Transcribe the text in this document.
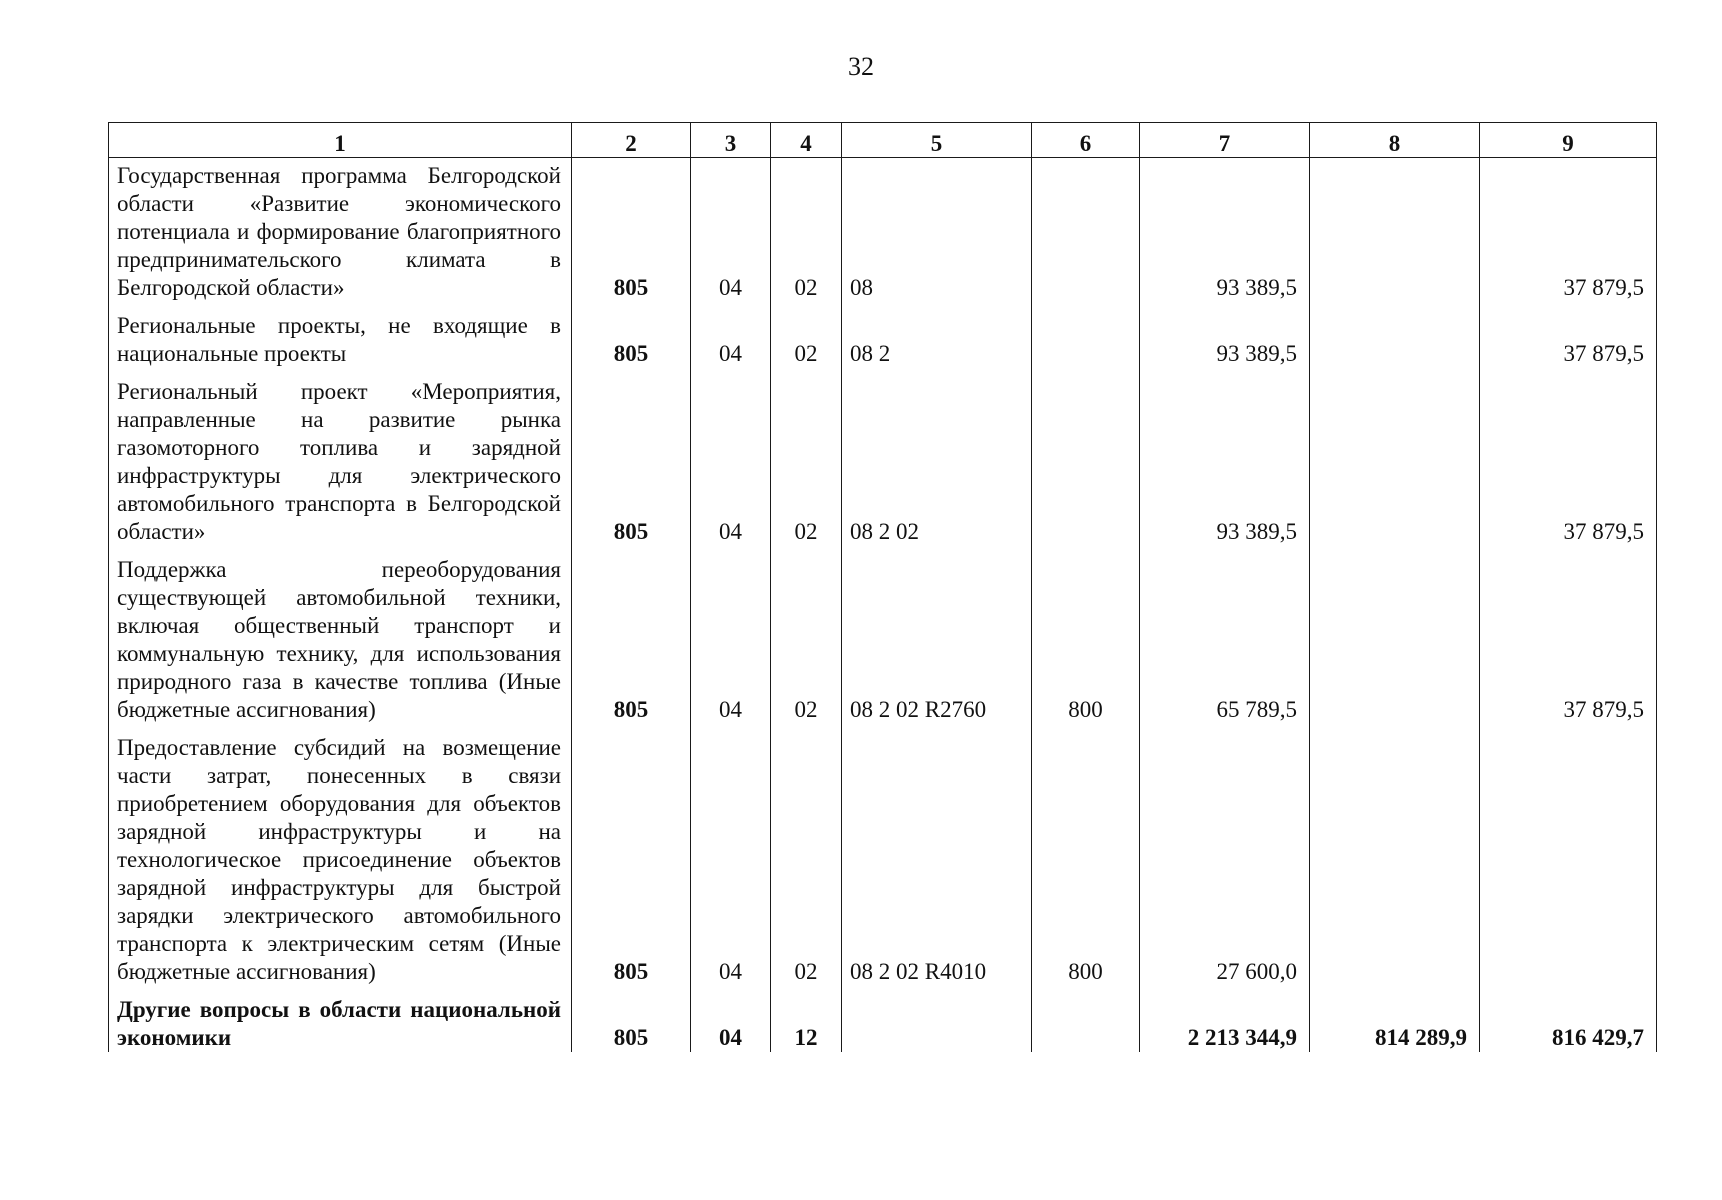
32
1	2	3	4	5	6	7	8	9
Государственная программа Белгородской области «Развитие экономического потенциала и формирование благоприятного предпринимательского климата в Белгородской области»	805	04	02	08		93 389,5		37 879,5
Региональные проекты, не входящие в национальные проекты	805	04	02	08 2		93 389,5		37 879,5
Региональный проект «Мероприятия, направленные на развитие рынка газомоторного топлива и зарядной инфраструктуры для электрического автомобильного транспорта в Белгородской области»	805	04	02	08 2 02		93 389,5		37 879,5
Поддержка переоборудования существующей автомобильной техники, включая общественный транспорт и коммунальную технику, для использования природного газа в качестве топлива (Иные бюджетные ассигнования)	805	04	02	08 2 02 R2760	800	65 789,5		37 879,5
Предоставление субсидий на возмещение части затрат, понесенных в связи приобретением оборудования для объектов зарядной инфраструктуры и на технологическое присоединение объектов зарядной инфраструктуры для быстрой зарядки электрического автомобильного транспорта к электрическим сетям (Иные бюджетные ассигнования)	805	04	02	08 2 02 R4010	800	27 600,0		
Другие вопросы в области национальной экономики	805	04	12			2 213 344,9	814 289,9	816 429,7
